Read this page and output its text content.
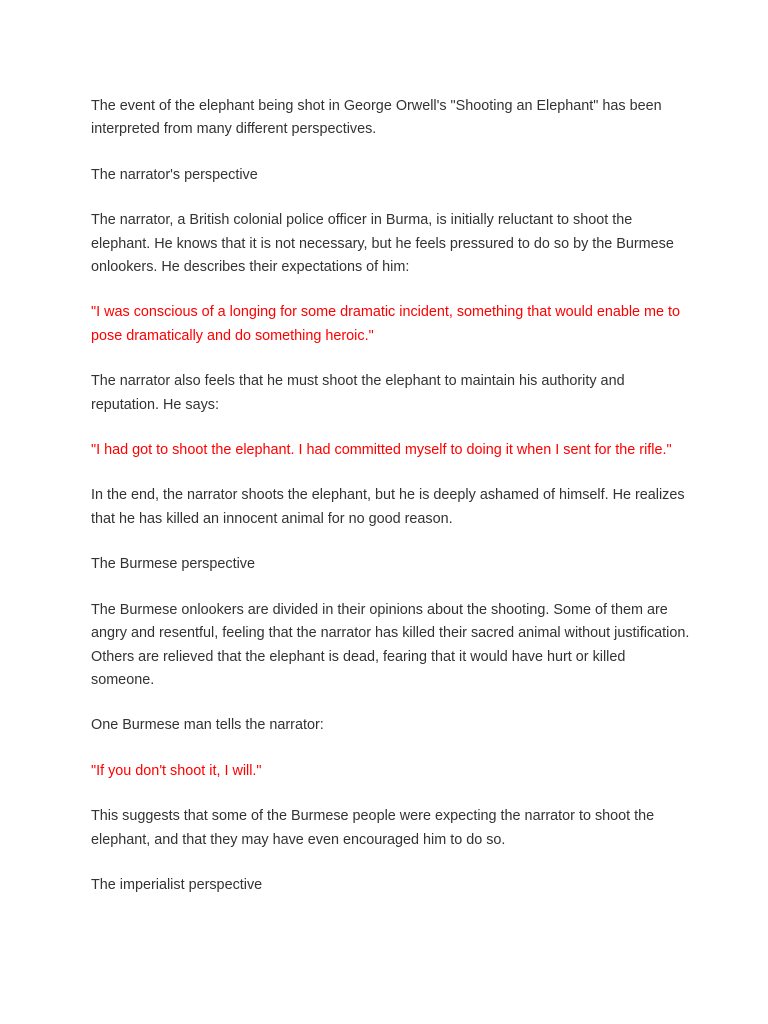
The event of the elephant being shot in George Orwell's "Shooting an Elephant" has been interpreted from many different perspectives.

The narrator's perspective

The narrator, a British colonial police officer in Burma, is initially reluctant to shoot the elephant. He knows that it is not necessary, but he feels pressured to do so by the Burmese onlookers. He describes their expectations of him:

"I was conscious of a longing for some dramatic incident, something that would enable me to pose dramatically and do something heroic."

The narrator also feels that he must shoot the elephant to maintain his authority and reputation. He says:

"I had got to shoot the elephant. I had committed myself to doing it when I sent for the rifle."

In the end, the narrator shoots the elephant, but he is deeply ashamed of himself. He realizes that he has killed an innocent animal for no good reason.

The Burmese perspective

The Burmese onlookers are divided in their opinions about the shooting. Some of them are angry and resentful, feeling that the narrator has killed their sacred animal without justification. Others are relieved that the elephant is dead, fearing that it would have hurt or killed someone.

One Burmese man tells the narrator:

"If you don't shoot it, I will."

This suggests that some of the Burmese people were expecting the narrator to shoot the elephant, and that they may have even encouraged him to do so.

The imperialist perspective
